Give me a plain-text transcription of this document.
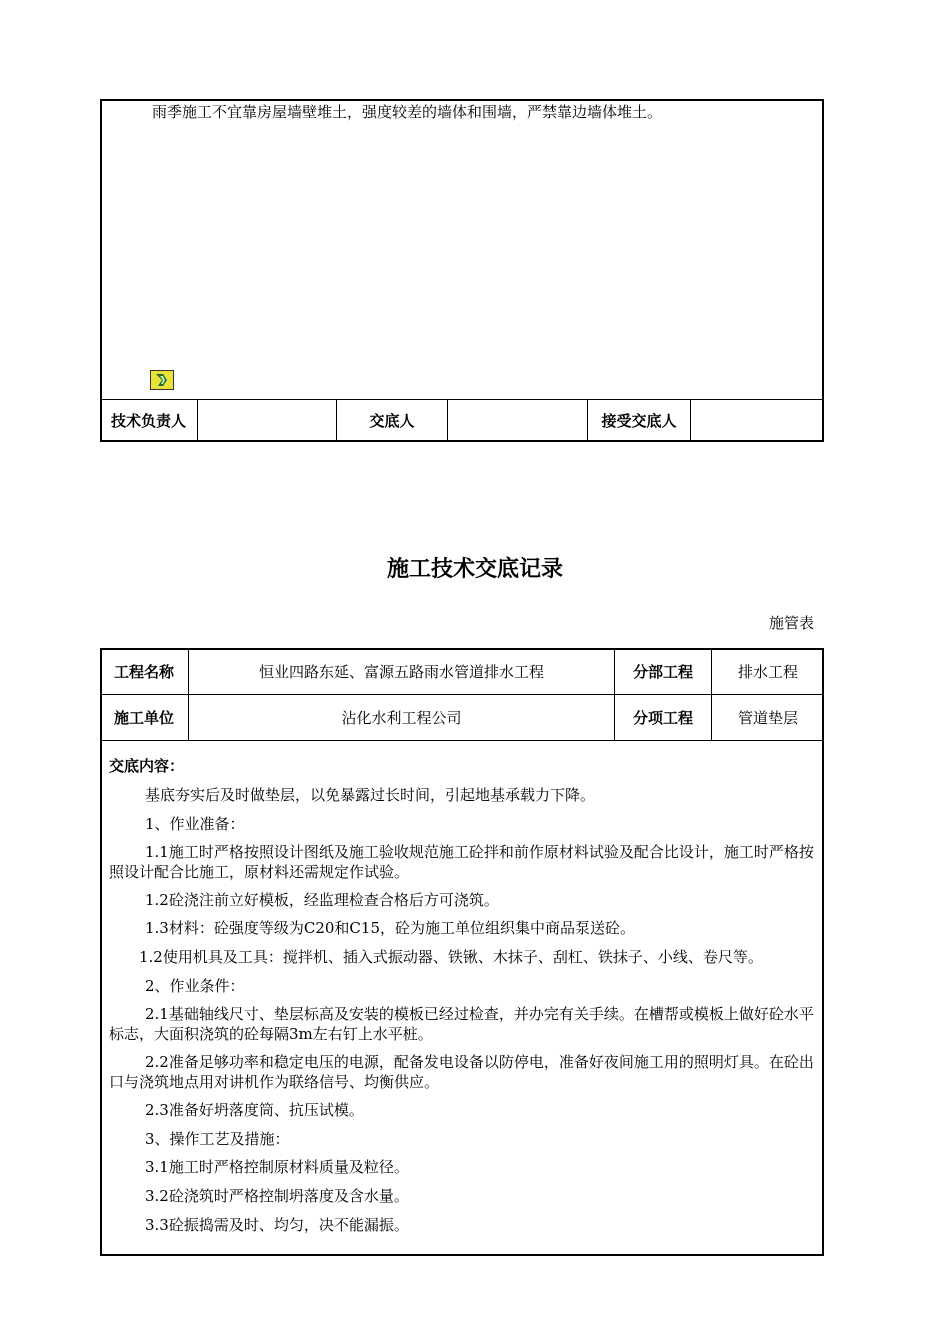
雨季施工不宜靠房屋墙壁堆土，强度较差的墙体和围墙，严禁靠边墙体堆土。
技术负责人	交底人	接受交底人
施工技术交底记录
施管表
工程名称	恒业四路东延、富源五路雨水管道排水工程	分部工程	排水工程
施工单位	沾化水利工程公司	分项工程	管道垫层
交底内容：
基底夯实后及时做垫层，以免暴露过长时间，引起地基承载力下降。
1、作业准备：
1.1施工时严格按照设计图纸及施工验收规范施工砼拌和前作原材料试验及配合比设计，施工时严格按照设计配合比施工，原材料还需规定作试验。
1.2砼浇注前立好模板，经监理检查合格后方可浇筑。
1.3材料：砼强度等级为C20和C15，砼为施工单位组织集中商品泵送砼。
1.2使用机具及工具：搅拌机、插入式振动器、铁锹、木抹子、刮杠、铁抹子、小线、卷尺等。
2、作业条件：
2.1基础轴线尺寸、垫层标高及安装的模板已经过检查，并办完有关手续。在槽帮或模板上做好砼水平标志，大面积浇筑的砼每隔3m左右钉上水平桩。
2.2准备足够功率和稳定电压的电源，配备发电设备以防停电，准备好夜间施工用的照明灯具。在砼出口与浇筑地点用对讲机作为联络信号、均衡供应。
2.3准备好坍落度筒、抗压试模。
3、操作工艺及措施：
3.1施工时严格控制原材料质量及粒径。
3.2砼浇筑时严格控制坍落度及含水量。
3.3砼振捣需及时、均匀，决不能漏振。
